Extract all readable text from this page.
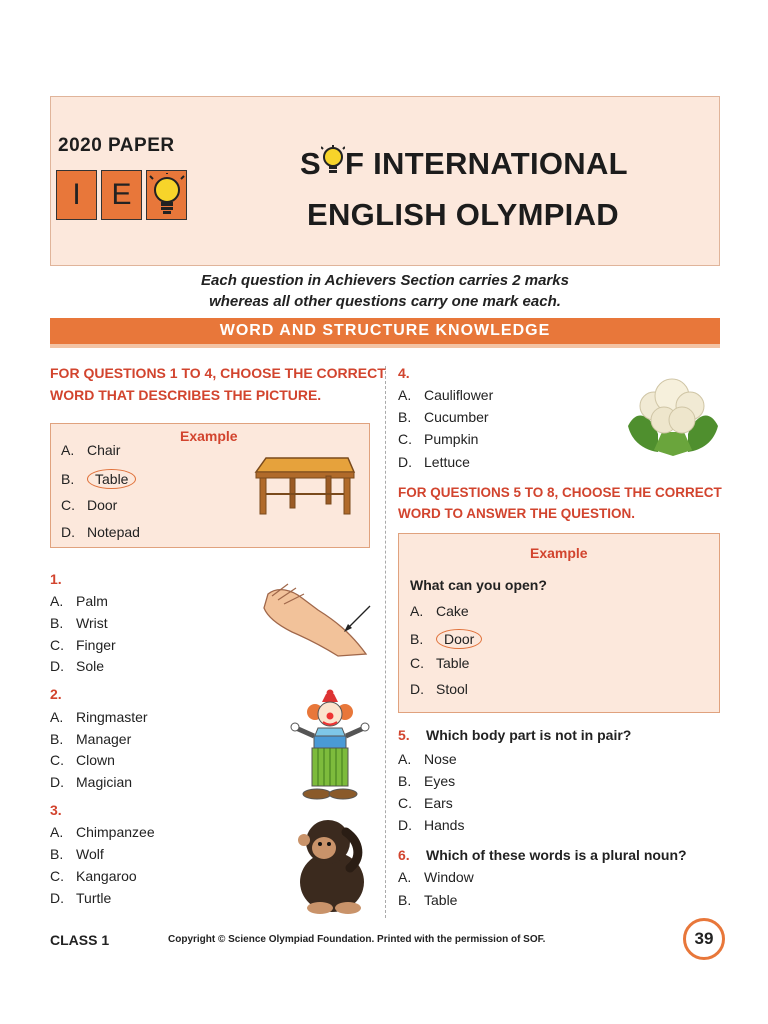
2020 PAPER
I	E
S F INTERNATIONAL
ENGLISH OLYMPIAD
Each question in Achievers Section carries 2 marks
whereas all other questions carry one mark each.
WORD AND STRUCTURE KNOWLEDGE
FOR QUESTIONS 1 TO 4, CHOOSE THE CORRECT
WORD THAT DESCRIBES THE PICTURE.
Example
A. Chair
B. Table
C. Door
D. Notepad
1.
A. Palm
B. Wrist
C. Finger
D. Sole
2.
A. Ringmaster
B. Manager
C. Clown
D. Magician
3.
A. Chimpanzee
B. Wolf
C. Kangaroo
D. Turtle
4.
A. Cauliflower
B. Cucumber
C. Pumpkin
D. Lettuce
FOR QUESTIONS 5 TO 8, CHOOSE THE CORRECT
WORD TO ANSWER THE QUESTION.
Example
What can you open?
A. Cake
B. Door
C. Table
D. Stool
5. Which body part is not in pair?
A. Nose
B. Eyes
C. Ears
D. Hands
6. Which of these words is a plural noun?
A. Window
B. Table
CLASS 1	Copyright © Science Olympiad Foundation. Printed with the permission of SOF.	39
